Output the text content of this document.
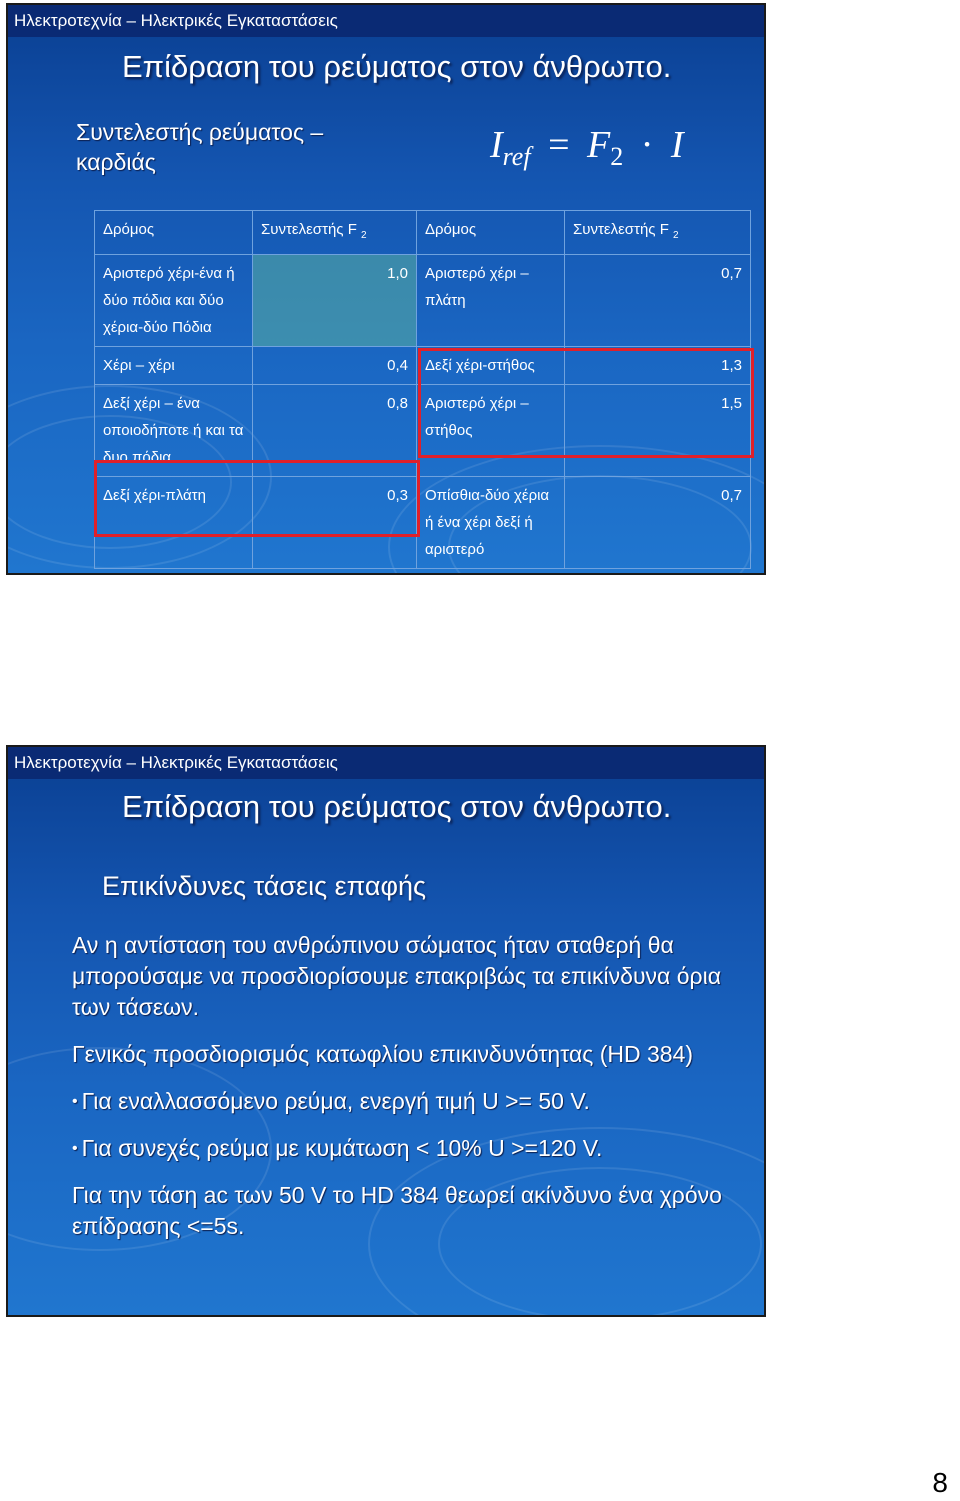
Ηλεκτροτεχνία – Ηλεκτρικές Εγκαταστάσεις
Επίδραση του ρεύματος στον άνθρωπο.
Συντελεστής ρεύματος – καρδιάς	$I_{ref} = F_2 \cdot I$
Δρόμος	Συντελεστής F $_2$	Δρόμος	Συντελεστής F $_2$
Αριστερό χέρι-ένα ή δύο πόδια και δύο χέρια-δύο Πόδια	1,0	Αριστερό χέρι – πλάτη	0,7
Χέρι – χέρι	0,4	Δεξί χέρι-στήθος	1,3
Δεξί χέρι – ένα οποιοδήποτε ή και τα δυο πόδια	0,8	Αριστερό χέρι – στήθος	1,5
Δεξί χέρι-πλάτη	0,3	Οπίσθια-δύο χέρια ή ένα χέρι δεξί ή αριστερό	0,7
Ηλεκτροτεχνία – Ηλεκτρικές Εγκαταστάσεις
Επίδραση του ρεύματος στον άνθρωπο.
Επικίνδυνες τάσεις επαφής

Αν η αντίσταση του ανθρώπινου σώματος ήταν σταθερή θα μπορούσαμε να προσδιορίσουμε επακριβώς τα επικίνδυνα όρια των τάσεων.

Γενικός προσδιορισμός κατωφλίου επικινδυνότητας (HD 384)

• Για εναλλασσόμενο ρεύμα, ενεργή τιμή U >= 50 V.

• Για συνεχές ρεύμα με κυμάτωση < 10% U >=120 V.

Για την τάση ac των 50 V το HD 384 θεωρεί ακίνδυνο ένα χρόνο επίδρασης <=5s.

8
